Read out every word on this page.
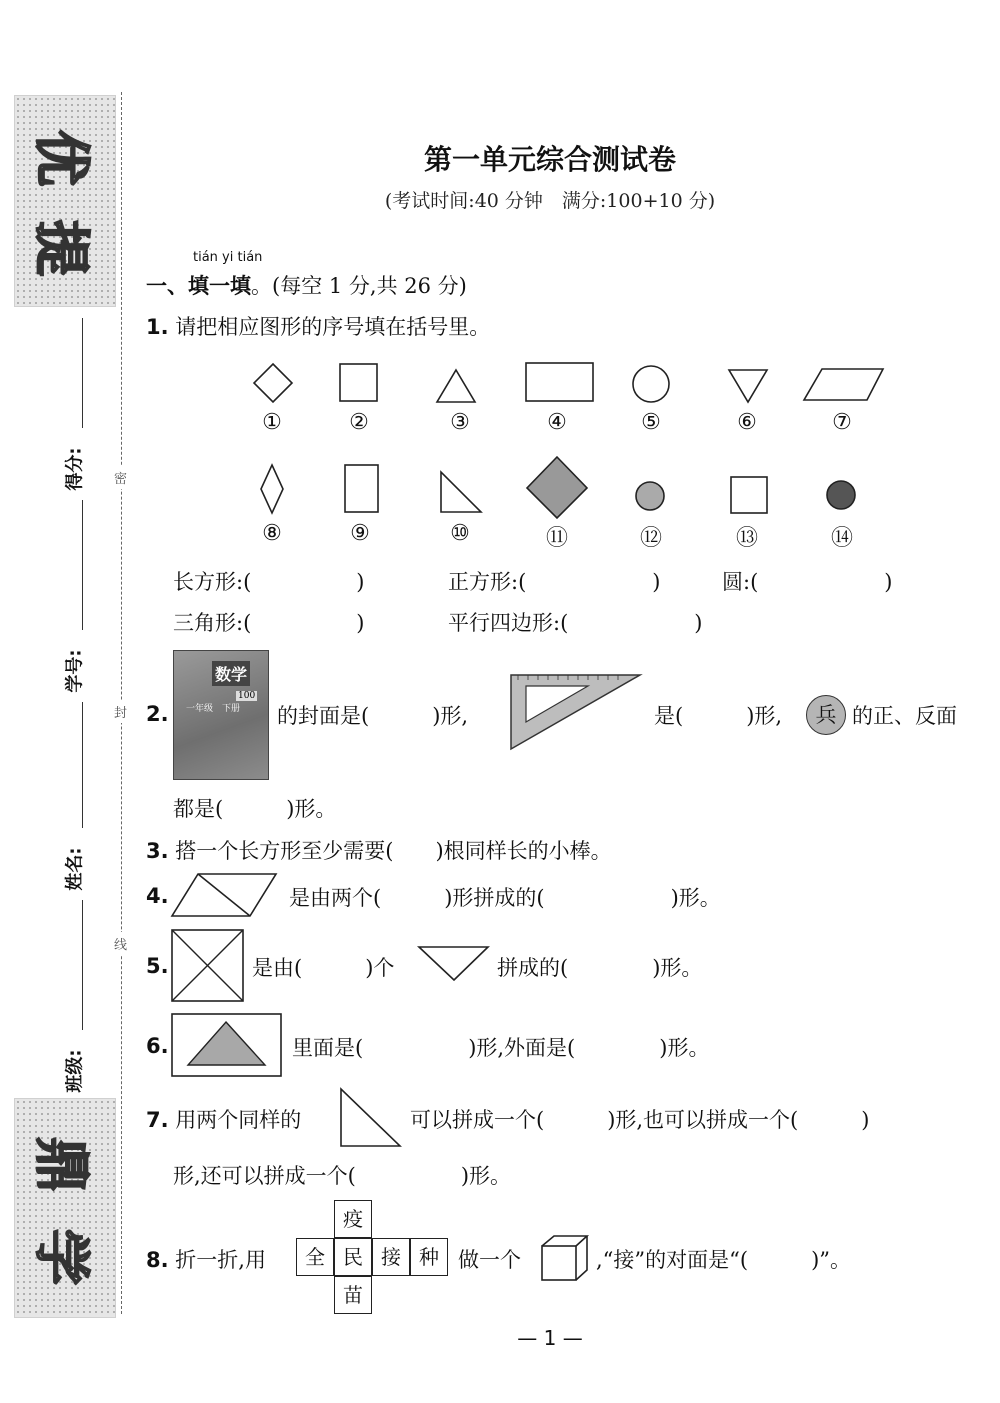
优
提
鼎
学
得分:
学号:
姓名:
班级:
密
封
线
第一单元综合测试卷
(考试时间:40 分钟　满分:100+10 分)
tián yi tián
一、填一填。(每空 1 分,共 26 分)
1. 请把相应图形的序号填在括号里。
①	②	③	④	⑤	⑥	⑦
⑧	⑨	⑩	⑪	⑫	⑬	⑭
长方形:(　　　　　)	正方形:(　　　　　　)	圆:(　　　　　　)
三角形:(　　　　　)	平行四边形:(　　　　　　)
2.
数学
一年级　下册
100
的封面是(　　　)形,	是(　　　)形,	兵 的正、反面
都是(　　　)形。
3. 搭一个长方形至少需要(　　)根同样长的小棒。
4.	是由两个(　　　)形拼成的(　　　　　　)形。
5.	是由(　　　)个	拼成的(　　　　)形。
6.	里面是(　　　　　)形,外面是(　　　　)形。
7. 用两个同样的	可以拼成一个(　　　)形,也可以拼成一个(　　　)
形,还可以拼成一个(　　　　　)形。
8. 折一折,用
疫
全 民 接 种
苗
做一个	,“接”的对面是“(　　　)”。
— 1 —
